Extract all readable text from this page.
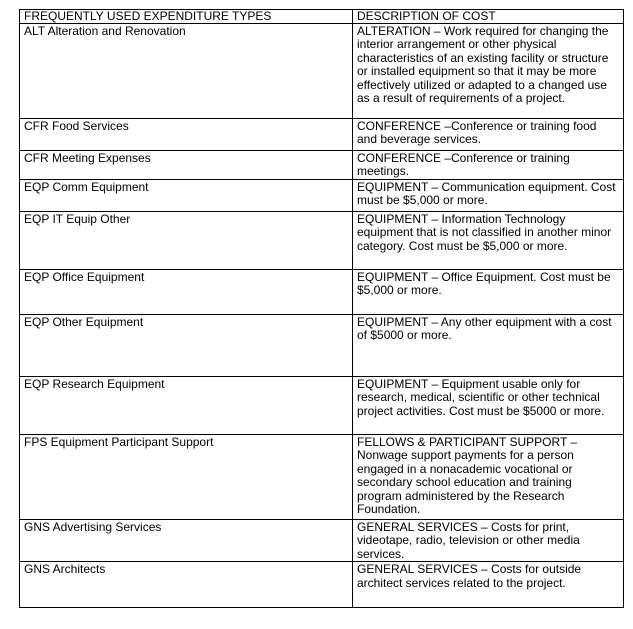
FREQUENTLY USED EXPENDITURE TYPES	DESCRIPTION OF COST
ALT Alteration and Renovation	ALTERATION – Work required for changing the interior arrangement or other physical characteristics of an existing facility or structure or installed equipment so that it may be more effectively utilized or adapted to a changed use as a result of requirements of a project.
CFR Food Services	CONFERENCE –Conference or training food and beverage services.
CFR Meeting Expenses	CONFERENCE –Conference or training meetings.
EQP Comm Equipment	EQUIPMENT – Communication equipment. Cost must be $5,000 or more.
EQP IT Equip Other	EQUIPMENT – Information Technology equipment that is not classified in another minor category. Cost must be $5,000 or more.
EQP Office Equipment	EQUIPMENT – Office Equipment. Cost must be $5,000 or more.
EQP Other Equipment	EQUIPMENT – Any other equipment with a cost of $5000 or more.
EQP Research Equipment	EQUIPMENT – Equipment usable only for research, medical, scientific or other technical project activities. Cost must be $5000 or more.
FPS Equipment Participant Support	FELLOWS & PARTICIPANT SUPPORT – Nonwage support payments for a person engaged in a nonacademic vocational or secondary school education and training program administered by the Research Foundation.
GNS Advertising Services	GENERAL SERVICES – Costs for print, videotape, radio, television or other media services.
GNS Architects	GENERAL SERVICES – Costs for outside architect services related to the project.
